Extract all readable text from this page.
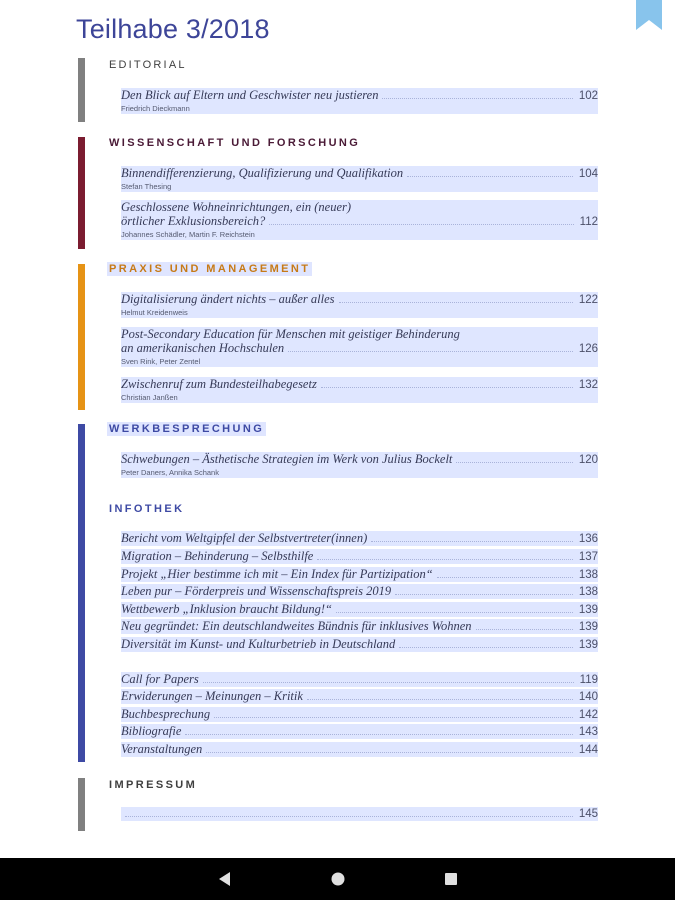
Teilhabe 3/2018
EDITORIAL
WISSENSCHAFT UND FORSCHUNG
PRAXIS UND MANAGEMENT
WERKBESPRECHUNG
INFOTHEK
IMPRESSUM
Den Blick auf Eltern und Geschwister neu justieren	102
Friedrich Dieckmann
Binnendifferenzierung, Qualifizierung und Qualifikation	104
Stefan Thesing
Geschlossene Wohneinrichtungen, ein (neuer)
örtlicher Exklusionsbereich?	112
Johannes Schädler, Martin F. Reichstein
Digitalisierung ändert nichts – außer alles	122
Helmut Kreidenweis
Post-Secondary Education für Menschen mit geistiger Behinderung
an amerikanischen Hochschulen	126
Sven Rink, Peter Zentel
Zwischenruf zum Bundesteilhabegesetz	132
Christian Janßen
Schwebungen – Ästhetische Strategien im Werk von Julius Bockelt	120
Peter Daners, Annika Schank
Bericht vom Weltgipfel der Selbstvertreter(innen)	136
Migration – Behinderung – Selbsthilfe	137
Projekt „Hier bestimme ich mit – Ein Index für Partizipation“	138
Leben pur – Förderpreis und Wissenschaftspreis 2019	138
Wettbewerb „Inklusion braucht Bildung!“	139
Neu gegründet: Ein deutschlandweites Bündnis für inklusives Wohnen	139
Diversität im Kunst- und Kulturbetrieb in Deutschland	139
Call for Papers	119
Erwiderungen – Meinungen – Kritik	140
Buchbesprechung	142
Bibliografie	143
Veranstaltungen	144
145
